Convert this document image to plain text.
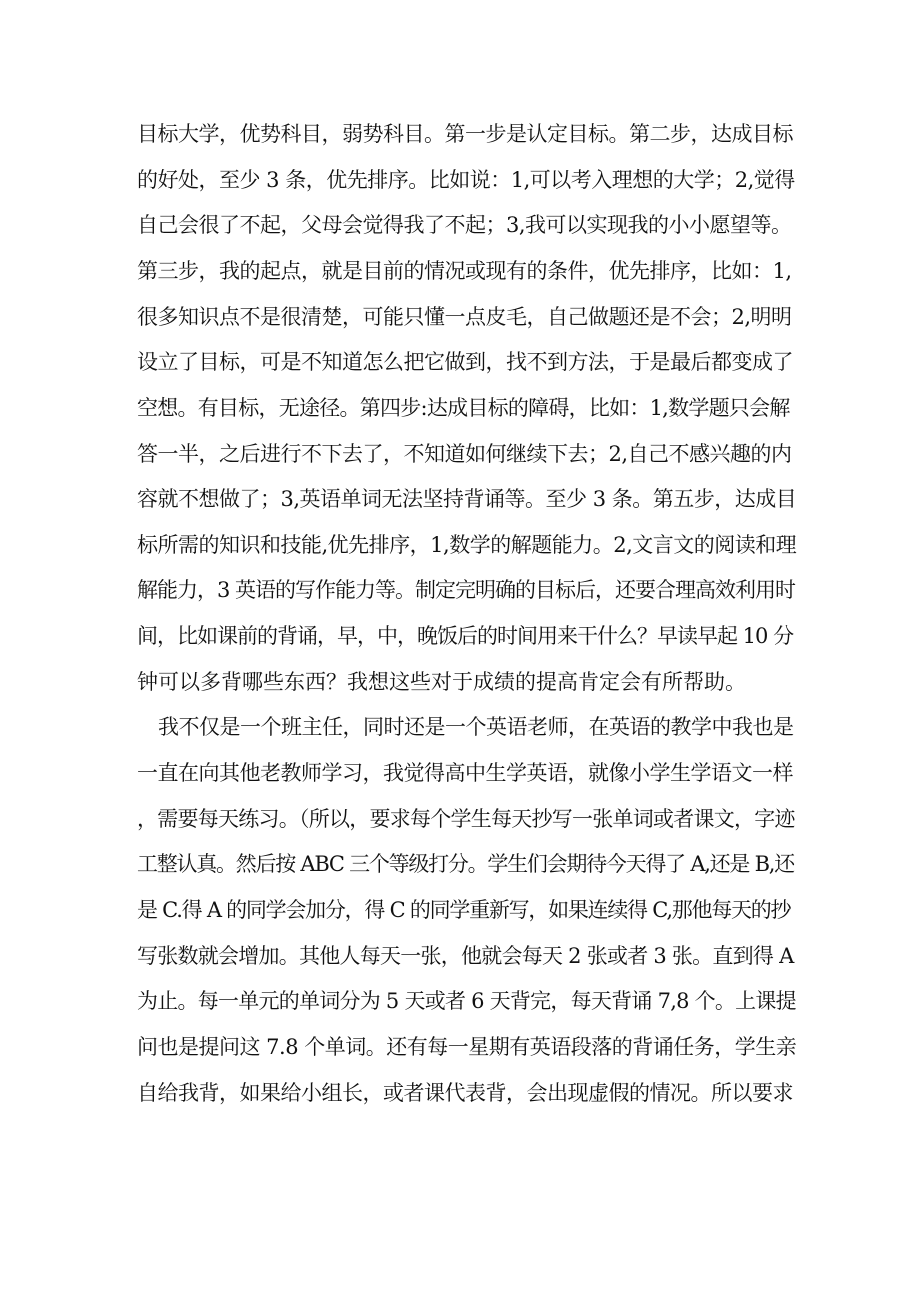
目标大学，优势科目，弱势科目。第一步是认定目标。第二步，达成目标
的好处，至少 3 条，优先排序。比如说：1,可以考入理想的大学；2,觉得
自己会很了不起，父母会觉得我了不起；3,我可以实现我的小小愿望等。
第三步，我的起点，就是目前的情况或现有的条件，优先排序，比如：1,
很多知识点不是很清楚，可能只懂一点皮毛，自己做题还是不会；2,明明
设立了目标，可是不知道怎么把它做到，找不到方法，于是最后都变成了
空想。有目标，无途径。第四步:达成目标的障碍，比如：1,数学题只会解
答一半，之后进行不下去了，不知道如何继续下去；2,自己不感兴趣的内
容就不想做了；3,英语单词无法坚持背诵等。至少 3 条。第五步，达成目
标所需的知识和技能,优先排序，1,数学的解题能力。2,文言文的阅读和理
解能力，3 英语的写作能力等。制定完明确的目标后，还要合理高效利用时
间，比如课前的背诵，早，中，晚饭后的时间用来干什么？早读早起 10 分
钟可以多背哪些东西？我想这些对于成绩的提高肯定会有所帮助。
我不仅是一个班主任，同时还是一个英语老师，在英语的教学中我也是
一直在向其他老教师学习，我觉得高中生学英语，就像小学生学语文一样
，需要每天练习。（所以，要求每个学生每天抄写一张单词或者课文，字迹
工整认真。然后按 ABC 三个等级打分。学生们会期待今天得了 A,还是 B,还
是 C.得 A 的同学会加分，得 C 的同学重新写，如果连续得 C,那他每天的抄
写张数就会增加。其他人每天一张，他就会每天 2 张或者 3 张。直到得 A
为止。每一单元的单词分为 5 天或者 6 天背完，每天背诵 7,8 个。上课提
问也是提问这 7.8 个单词。还有每一星期有英语段落的背诵任务，学生亲
自给我背，如果给小组长，或者课代表背，会出现虚假的情况。所以要求
